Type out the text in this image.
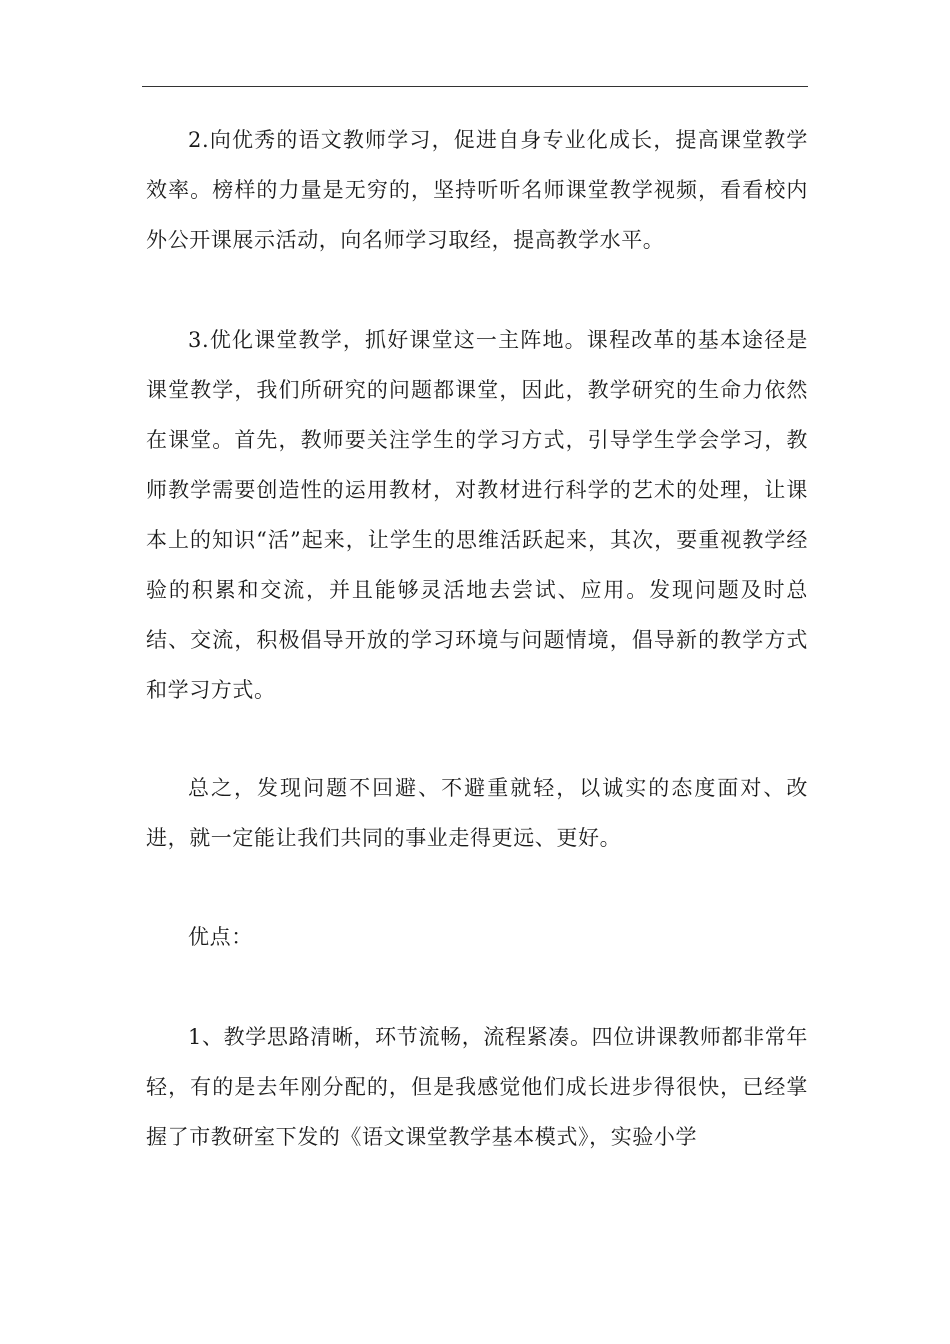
2.向优秀的语文教师学习，促进自身专业化成长，提高课堂教学效率。榜样的力量是无穷的，坚持听听名师课堂教学视频，看看校内外公开课展示活动，向名师学习取经，提高教学水平。

3.优化课堂教学，抓好课堂这一主阵地。课程改革的基本途径是课堂教学，我们所研究的问题都课堂，因此，教学研究的生命力依然在课堂。首先，教师要关注学生的学习方式，引导学生学会学习，教师教学需要创造性的运用教材，对教材进行科学的艺术的处理，让课本上的知识“活”起来，让学生的思维活跃起来，其次，要重视教学经验的积累和交流，并且能够灵活地去尝试、应用。发现问题及时总结、交流，积极倡导开放的学习环境与问题情境，倡导新的教学方式和学习方式。

总之，发现问题不回避、不避重就轻，以诚实的态度面对、改进，就一定能让我们共同的事业走得更远、更好。

优点：

1、教学思路清晰，环节流畅，流程紧凑。四位讲课教师都非常年轻，有的是去年刚分配的，但是我感觉他们成长进步得很快，已经掌握了市教研室下发的《语文课堂教学基本模式》，实验小学
